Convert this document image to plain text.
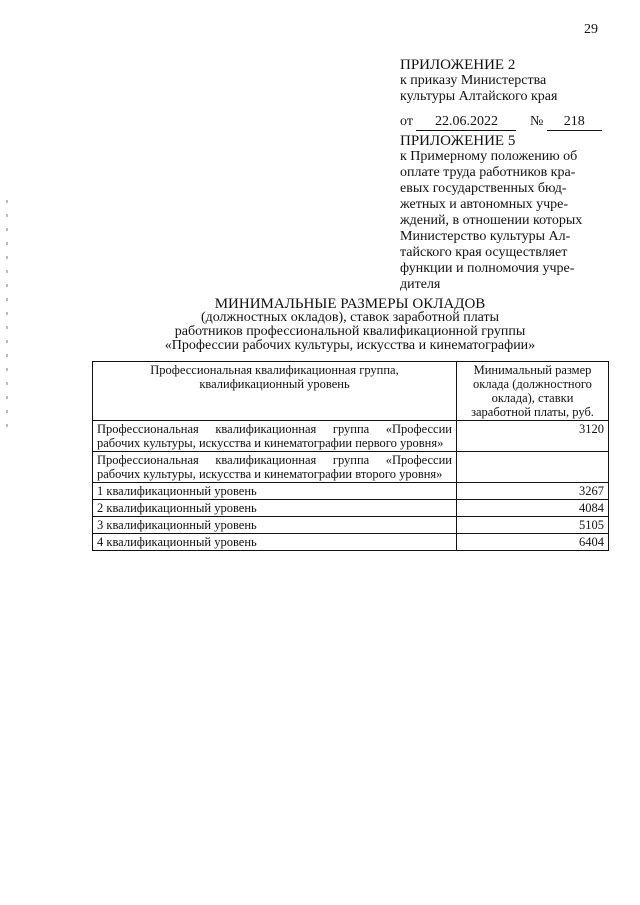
29
ПРИЛОЖЕНИЕ 2
к приказу Министерства
культуры Алтайского края
от 22.06.2022 № 218
ПРИЛОЖЕНИЕ 5
к Примерному положению об
оплате труда работников кра-
евых государственных бюд-
жетных и автономных учре-
ждений, в отношении которых
Министерство культуры Ал-
тайского края осуществляет
функции и полномочия учре-
дителя
МИНИМАЛЬНЫЕ РАЗМЕРЫ ОКЛАДОВ
(должностных окладов), ставок заработной платы
работников профессиональной квалификационной группы
«Профессии рабочих культуры, искусства и кинематографии»
Профессиональная квалификационная группа, квалификационный уровень	Минимальный размер оклада (должностного оклада), ставки заработной платы, руб.
Профессиональная квалификационная группа «Профессии рабочих культуры, искусства и кинематографии первого уровня»	3120
Профессиональная квалификационная группа «Профессии рабочих культуры, искусства и кинематографии второго уровня»	
1 квалификационный уровень	3267
2 квалификационный уровень	4084
3 квалификационный уровень	5105
4 квалификационный уровень	6404
